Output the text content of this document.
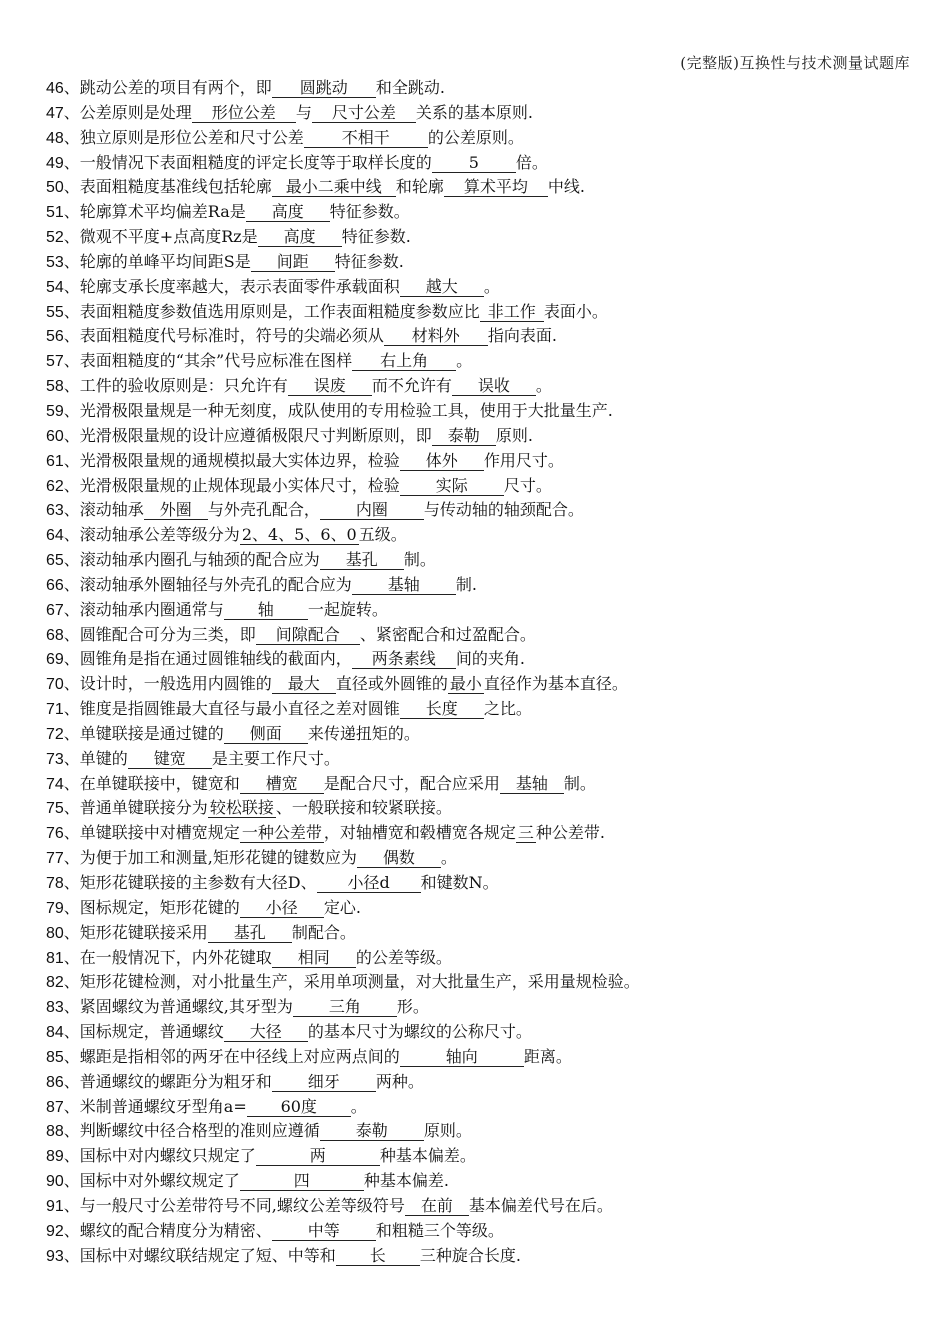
(完整版)互换性与技术测量试题库
46、跳动公差的项目有两个，即 圆跳动 和全跳动.
47、公差原则是处理 形位公差 与 尺寸公差 关系的基本原则.
48、独立原则是形位公差和尺寸公差 不相干 的公差原则。
49、一般情况下表面粗糙度的评定长度等于取样长度的 5 倍。
50、表面粗糙度基准线包括轮廓 最小二乘中线 和轮廓 算术平均 中线.
51、轮廓算术平均偏差Ra是 高度 特征参数。
52、微观不平度+点高度Rz是 高度 特征参数.
53、轮廓的单峰平均间距S是 间距 特征参数.
54、轮廓支承长度率越大，表示表面零件承载面积 越大 。
55、表面粗糙度参数值选用原则是，工作表面粗糙度参数应比 非工作 表面小。
56、表面粗糙度代号标准时，符号的尖端必须从 材料外 指向表面.
57、表面粗糙度的“其余”代号应标准在图样 右上角 。
58、工件的验收原则是：只允许有 误废 而不允许有 误收 。
59、光滑极限量规是一种无刻度，成队使用的专用检验工具，使用于大批量生产.
60、光滑极限量规的设计应遵循极限尺寸判断原则，即 泰勒 原则.
61、光滑极限量规的通规模拟最大实体边界，检验 体外 作用尺寸。
62、光滑极限量规的止规体现最小实体尺寸，检验 实际 尺寸。
63、滚动轴承 外圈 与外壳孔配合， 内圈 与传动轴的轴颈配合。
64、滚动轴承公差等级分为 2、4、5、6、0 五级。
65、滚动轴承内圈孔与轴颈的配合应为 基孔 制。
66、滚动轴承外圈轴径与外壳孔的配合应为 基轴 制.
67、滚动轴承内圈通常与 轴 一起旋转。
68、圆锥配合可分为三类，即 间隙配合 、紧密配合和过盈配合。
69、圆锥角是指在通过圆锥轴线的截面内， 两条素线 间的夹角.
70、设计时，一般选用内圆锥的 最大 直径或外圆锥的 最小 直径作为基本直径。
71、锥度是指圆锥最大直径与最小直径之差对圆锥 长度 之比。
72、单键联接是通过键的 侧面 来传递扭矩的。
73、单键的 键宽 是主要工作尺寸。
74、在单键联接中，键宽和 槽宽 是配合尺寸，配合应采用 基轴 制。
75、普通单键联接分为 较松联接 、一般联接和较紧联接。
76、单键联接中对槽宽规定 一种公差带 ，对轴槽宽和毂槽宽各规定 三 种公差带.
77、为便于加工和测量,矩形花键的键数应为 偶数 。
78、矩形花键联接的主参数有大径D、 小径d 和键数N。
79、图标规定，矩形花键的 小径 定心.
80、矩形花键联接采用 基孔 制配合。
81、在一般情况下，内外花键取 相同 的公差等级。
82、矩形花键检测，对小批量生产，采用单项测量，对大批量生产，采用量规检验。
83、紧固螺纹为普通螺纹,其牙型为 三角 形。
84、国标规定，普通螺纹 大径 的基本尺寸为螺纹的公称尺寸。
85、螺距是指相邻的两牙在中径线上对应两点间的	轴向	距离。
86、普通螺纹的螺距分为粗牙和 细牙 两种。
87、米制普通螺纹牙型角a= 60度 。
88、判断螺纹中径合格型的准则应遵循 泰勒 原则。
89、国标中对内螺纹只规定了	两	种基本偏差。
90、国标中对外螺纹规定了	四	种基本偏差.
91、与一般尺寸公差带符号不同,螺纹公差等级符号 在前 基本偏差代号在后。
92、螺纹的配合精度分为精密、 中等 和粗糙三个等级。
93、国标中对螺纹联结规定了短、中等和 长 三种旋合长度.
